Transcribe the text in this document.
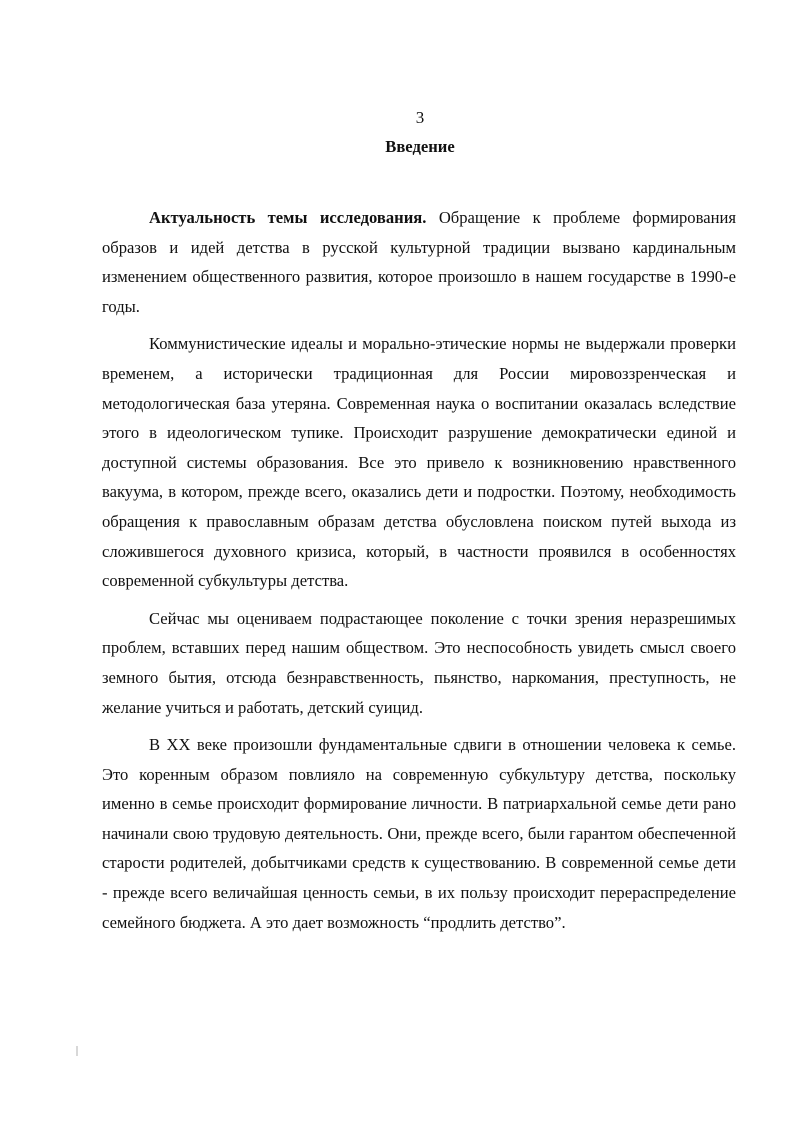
3
Введение

Актуальность темы исследования. Обращение к проблеме формирования образов и идей детства в русской культурной традиции вызвано кардинальным изменением общественного развития, которое произошло в нашем государстве в 1990-е годы.

Коммунистические идеалы и морально-этические нормы не выдержали проверки временем, а исторически традиционная для России мировоззренческая и методологическая база утеряна. Современная наука о воспитании оказалась вследствие этого в идеологическом тупике. Происходит разрушение демократически единой и доступной системы образования. Все это привело к возникновению нравственного вакуума, в котором, прежде всего, оказались дети и подростки. Поэтому, необходимость обращения к православным образам детства обусловлена поиском путей выхода из сложившегося духовного кризиса, который, в частности проявился в особенностях современной субкультуры детства.

Сейчас мы оцениваем подрастающее поколение с точки зрения неразрешимых проблем, вставших перед нашим обществом. Это неспособность увидеть смысл своего земного бытия, отсюда безнравственность, пьянство, наркомания, преступность, не желание учиться и работать, детский суицид.

В XX веке произошли фундаментальные сдвиги в отношении человека к семье. Это коренным образом повлияло на современную субкультуру детства, поскольку именно в семье происходит формирование личности. В патриархальной семье дети рано начинали свою трудовую деятельность. Они, прежде всего, были гарантом обеспеченной старости родителей, добытчиками средств к существованию. В современной семье дети - прежде всего величайшая ценность семьи, в их пользу происходит перераспределение семейного бюджета. А это дает возможность “продлить детство”.
